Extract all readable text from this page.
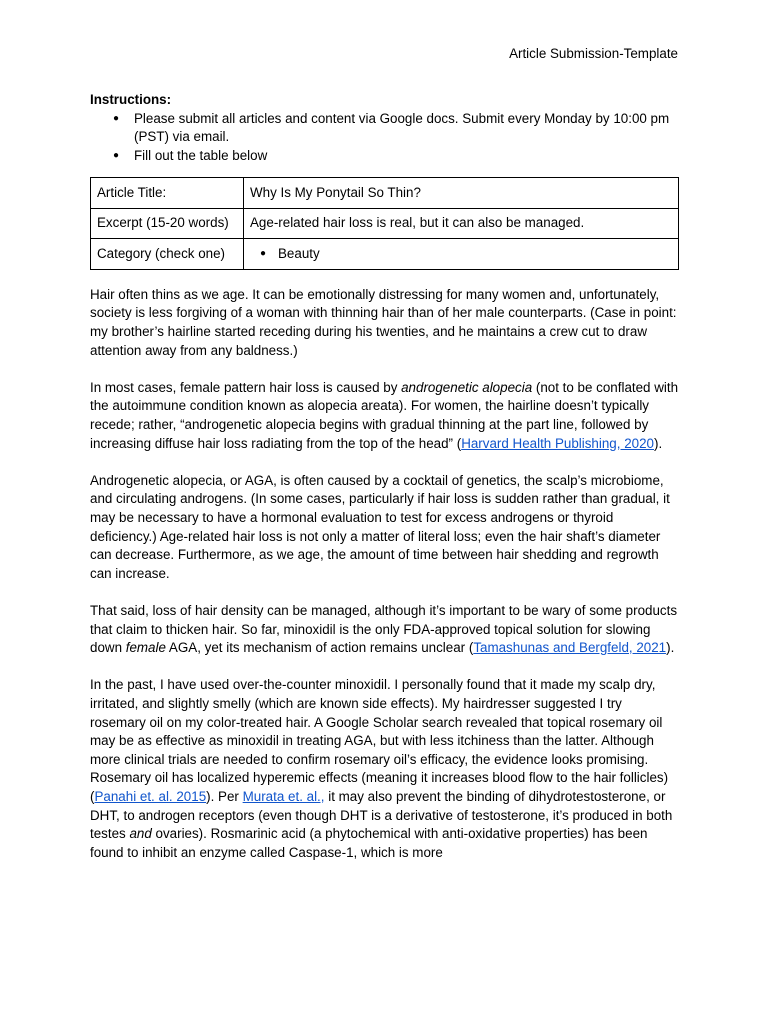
Article Submission-Template
Instructions:
● Please submit all articles and content via Google docs. Submit every Monday by 10:00 pm (PST) via email.
● Fill out the table below
Article Title:	Why Is My Ponytail So Thin?
Excerpt (15-20 words)	Age-related hair loss is real, but it can also be managed.
Category (check one)	● Beauty

Hair often thins as we age. It can be emotionally distressing for many women and, unfortunately, society is less forgiving of a woman with thinning hair than of her male counterparts. (Case in point: my brother’s hairline started receding during his twenties, and he maintains a crew cut to draw attention away from any baldness.)

In most cases, female pattern hair loss is caused by androgenetic alopecia (not to be conflated with the autoimmune condition known as alopecia areata). For women, the hairline doesn’t typically recede; rather, “androgenetic alopecia begins with gradual thinning at the part line, followed by increasing diffuse hair loss radiating from the top of the head” (Harvard Health Publishing, 2020).

Androgenetic alopecia, or AGA, is often caused by a cocktail of genetics, the scalp’s microbiome, and circulating androgens. (In some cases, particularly if hair loss is sudden rather than gradual, it may be necessary to have a hormonal evaluation to test for excess androgens or thyroid deficiency.) Age-related hair loss is not only a matter of literal loss; even the hair shaft’s diameter can decrease. Furthermore, as we age, the amount of time between hair shedding and regrowth can increase.

That said, loss of hair density can be managed, although it’s important to be wary of some products that claim to thicken hair. So far, minoxidil is the only FDA-approved topical solution for slowing down female AGA, yet its mechanism of action remains unclear (Tamashunas and Bergfeld, 2021).

In the past, I have used over-the-counter minoxidil. I personally found that it made my scalp dry, irritated, and slightly smelly (which are known side effects). My hairdresser suggested I try rosemary oil on my color-treated hair. A Google Scholar search revealed that topical rosemary oil may be as effective as minoxidil in treating AGA, but with less itchiness than the latter. Although more clinical trials are needed to confirm rosemary oil’s efficacy, the evidence looks promising. Rosemary oil has localized hyperemic effects (meaning it increases blood flow to the hair follicles) (Panahi et. al. 2015). Per Murata et. al., it may also prevent the binding of dihydrotestosterone, or DHT, to androgen receptors (even though DHT is a derivative of testosterone, it’s produced in both testes and ovaries). Rosmarinic acid (a phytochemical with anti-oxidative properties) has been found to inhibit an enzyme called Caspase-1, which is more
